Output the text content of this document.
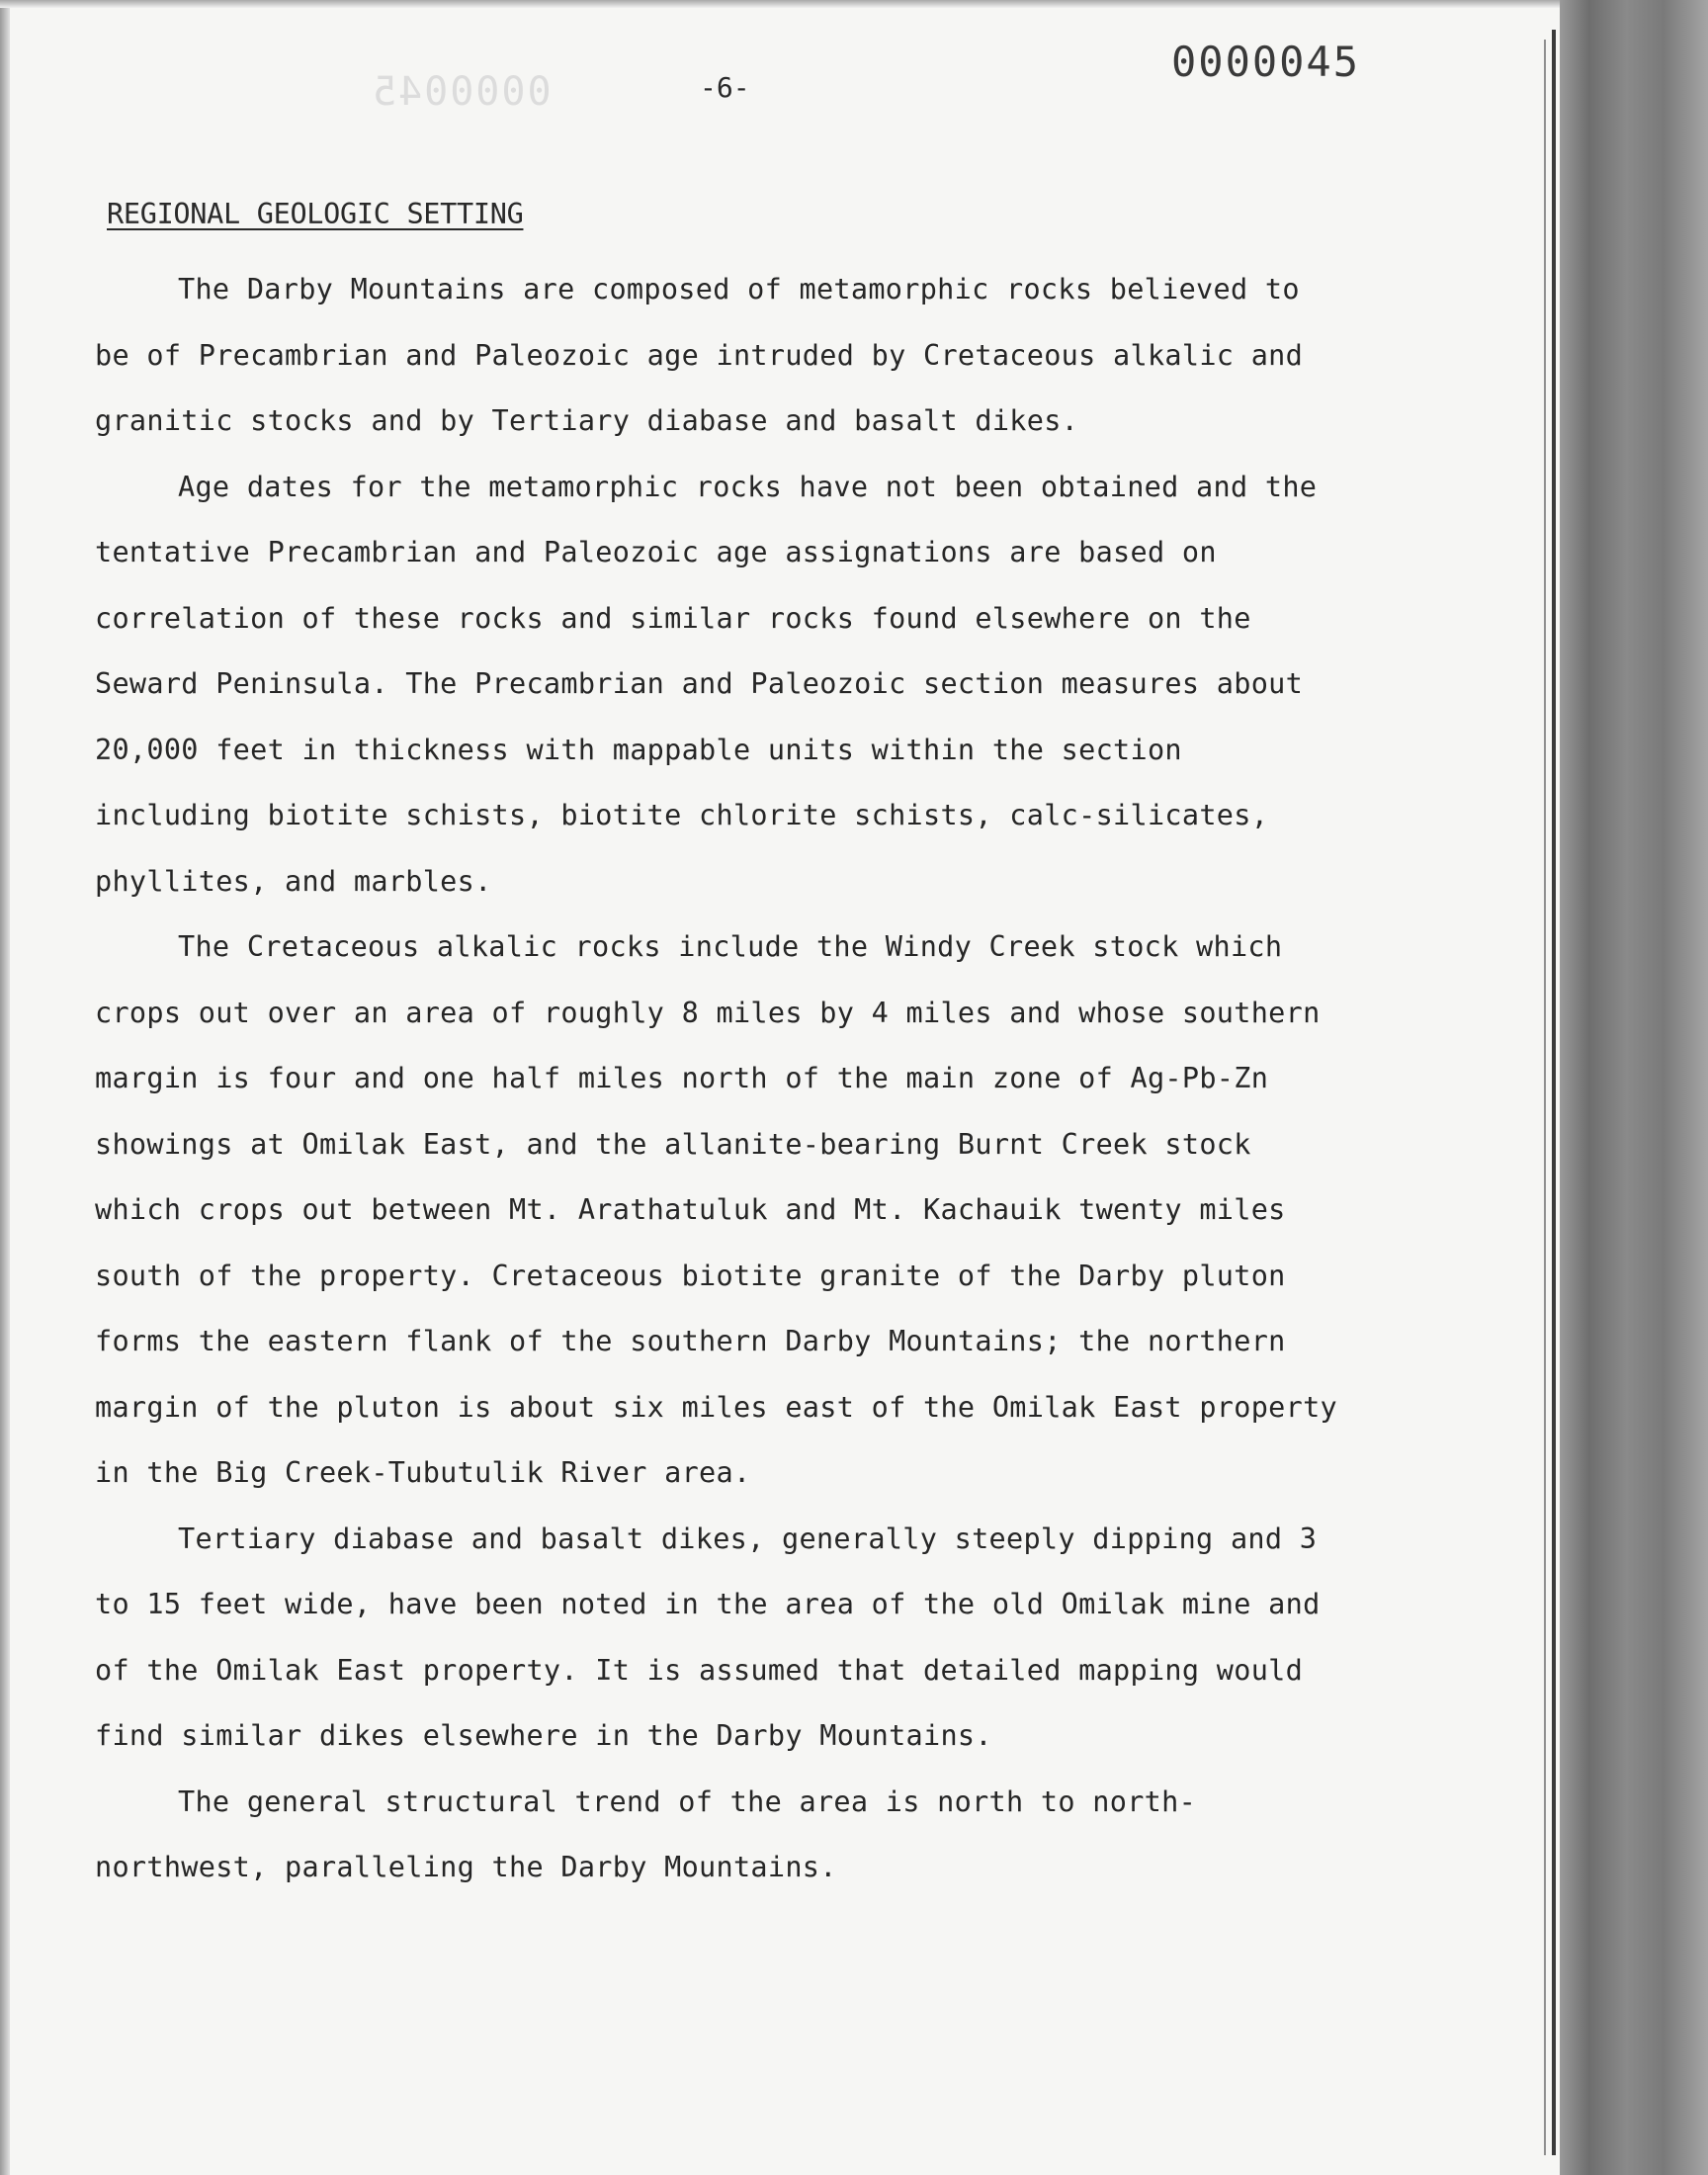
0000045
0000045
-6-
REGIONAL GEOLOGIC SETTING

The Darby Mountains are composed of metamorphic rocks believed to be of Precambrian and Paleozoic age intruded by Cretaceous alkalic and granitic stocks and by Tertiary diabase and basalt dikes.

Age dates for the metamorphic rocks have not been obtained and the tentative Precambrian and Paleozoic age assignations are based on correlation of these rocks and similar rocks found elsewhere on the Seward Peninsula. The Precambrian and Paleozoic section measures about 20,000 feet in thickness with mappable units within the section including biotite schists, biotite chlorite schists, calc-silicates, phyllites, and marbles.

The Cretaceous alkalic rocks include the Windy Creek stock which crops out over an area of roughly 8 miles by 4 miles and whose southern margin is four and one half miles north of the main zone of Ag-Pb-Zn showings at Omilak East, and the allanite-bearing Burnt Creek stock which crops out between Mt. Arathatuluk and Mt. Kachauik twenty miles south of the property. Cretaceous biotite granite of the Darby pluton forms the eastern flank of the southern Darby Mountains; the northern margin of the pluton is about six miles east of the Omilak East property in the Big Creek-Tubutulik River area.

Tertiary diabase and basalt dikes, generally steeply dipping and 3 to 15 feet wide, have been noted in the area of the old Omilak mine and of the Omilak East property. It is assumed that detailed mapping would find similar dikes elsewhere in the Darby Mountains.

The general structural trend of the area is north to north-northwest, paralleling the Darby Mountains.
